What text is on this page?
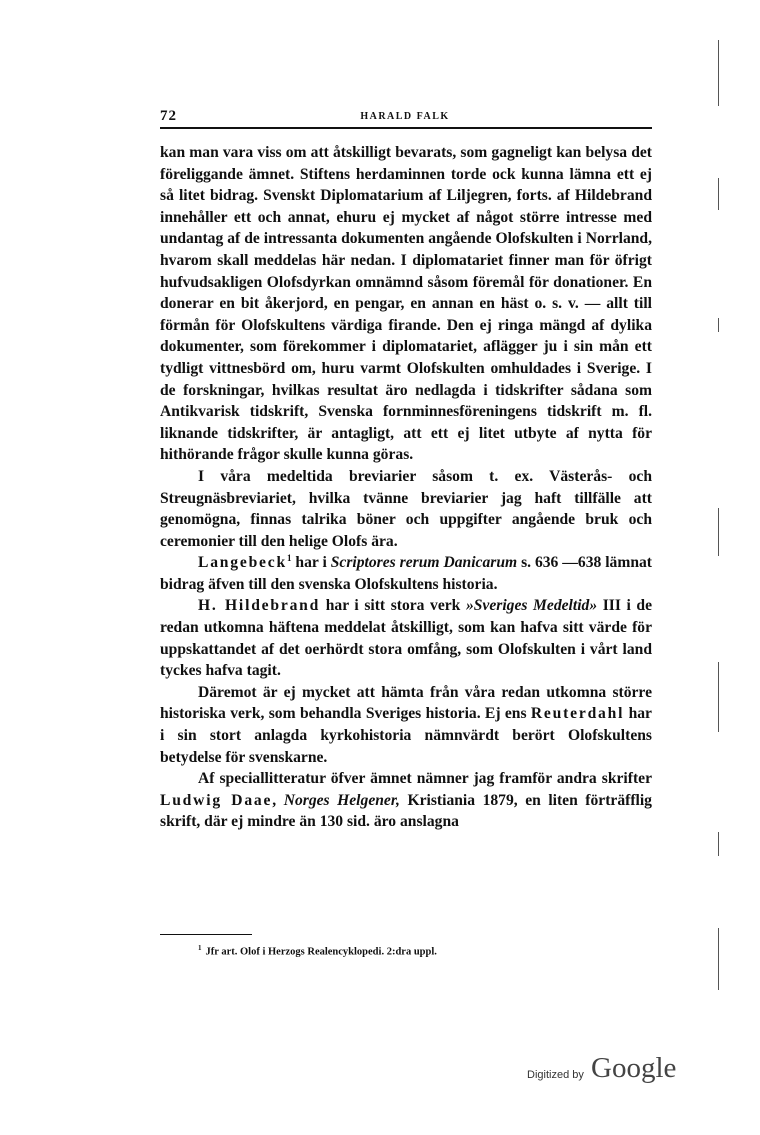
72	HARALD FALK

kan man vara viss om att åtskilligt bevarats, som gagneligt kan belysa det föreliggande ämnet. Stiftens herdaminnen torde ock kunna lämna ett ej så litet bidrag. Svenskt Diplomatarium af Liljegren, forts. af Hildebrand innehåller ett och annat, ehuru ej mycket af något större intresse med undantag af de intressanta dokumenten angående Olofskulten i Norrland, hvarom skall meddelas här nedan. I diplomatariet finner man för öfrigt hufvudsakligen Olofsdyrkan omnämnd såsom föremål för donationer. En donerar en bit åkerjord, en pengar, en annan en häst o. s. v. — allt till förmån för Olofskultens värdiga firande. Den ej ringa mängd af dylika dokumenter, som förekommer i diplomatariet, aflägger ju i sin mån ett tydligt vittnesbörd om, huru varmt Olofskulten omhuldades i Sverige. I de forskningar, hvilkas resultat äro nedlagda i tidskrifter sådana som Antikvarisk tidskrift, Svenska fornminnesföreningens tidskrift m. fl. liknande tidskrifter, är antagligt, att ett ej litet utbyte af nytta för hithörande frågor skulle kunna göras.

I våra medeltida breviarier såsom t. ex. Västerås- och Streugnäsbreviariet, hvilka tvänne breviarier jag haft tillfälle att genomögna, finnas talrika böner och uppgifter angående bruk och ceremonier till den helige Olofs ära.

Langebeck$^1$ har i Scriptores rerum Danicarum s. 636 —638 lämnat bidrag äfven till den svenska Olofskultens historia.

H. Hildebrand har i sitt stora verk »Sveriges Medeltid» III i de redan utkomna häftena meddelat åtskilligt, som kan hafva sitt värde för uppskattandet af det oerhördt stora omfång, som Olofskulten i vårt land tyckes hafva tagit.

Däremot är ej mycket att hämta från våra redan utkomna större historiska verk, som behandla Sveriges historia. Ej ens Reuterdahl har i sin stort anlagda kyrkohistoria nämnvärdt berört Olofskultens betydelse för svenskarne.

Af speciallitteratur öfver ämnet nämner jag framför andra skrifter Ludwig Daae, Norges Helgener, Kristiania 1879, en liten förträfflig skrift, där ej mindre än 130 sid. äro anslagna

$^1$ Jfr art. Olof i Herzogs Realencyklopedi. 2:dra uppl.
Digitized by Google
